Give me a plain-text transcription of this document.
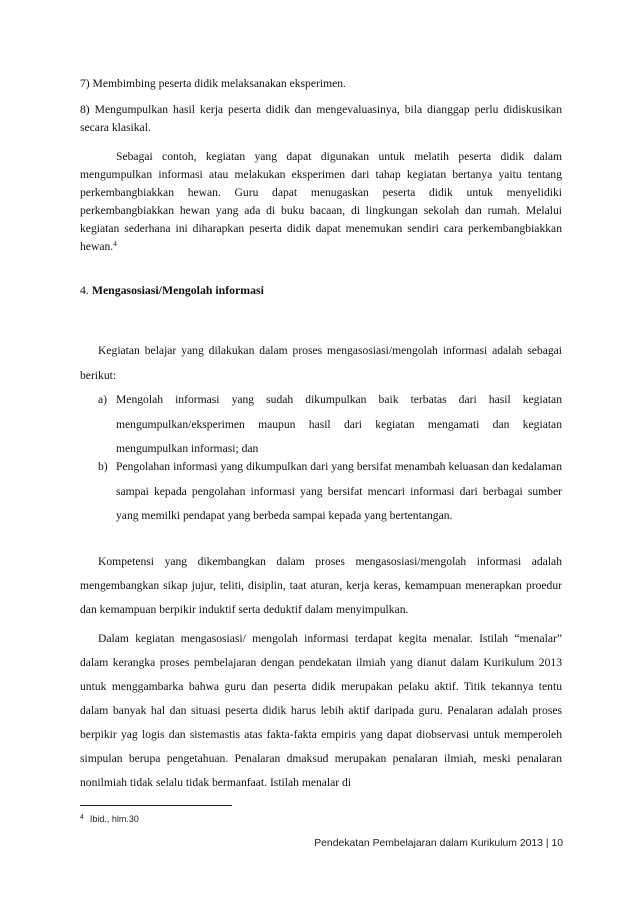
7) Membimbing peserta didik melaksanakan eksperimen.

8) Mengumpulkan hasil kerja peserta didik dan mengevaluasinya, bila dianggap perlu didiskusikan secara klasikal.

Sebagai contoh, kegiatan yang dapat digunakan untuk melatih peserta didik dalam mengumpulkan informasi atau melakukan eksperimen dari tahap kegiatan bertanya yaitu tentang perkembangbiakkan hewan. Guru dapat menugaskan peserta didik untuk menyelidiki perkembangbiakkan hewan yang ada di buku bacaan, di lingkungan sekolah dan rumah. Melalui kegiatan sederhana ini diharapkan peserta didik dapat menemukan sendiri cara perkembangbiakkan hewan.$^4$

4. Mengasosiasi/Mengolah informasi

Kegiatan belajar yang dilakukan dalam proses mengasosiasi/mengolah informasi adalah sebagai berikut:

a) Mengolah informasi yang sudah dikumpulkan baik terbatas dari hasil kegiatan mengumpulkan/eksperimen maupun hasil dari kegiatan mengamati dan kegiatan mengumpulkan informasi; dan
b) Pengolahan informasi yang dikumpulkan dari yang bersifat menambah keluasan dan kedalaman sampai kepada pengolahan informasi yang bersifat mencari informasi dari berbagai sumber yang memilki pendapat yang berbeda sampai kepada yang bertentangan.

Kompetensi yang dikembangkan dalam proses mengasosiasi/mengolah informasi adalah mengembangkan sikap jujur, teliti, disiplin, taat aturan, kerja keras, kemampuan menerapkan proedur dan kemampuan berpikir induktif serta deduktif dalam menyimpulkan.

Dalam kegiatan mengasosiasi/ mengolah informasi terdapat kegita menalar. Istilah “menalar” dalam kerangka proses pembelajaran dengan pendekatan ilmiah yang dianut dalam Kurikulum 2013 untuk menggambarka bahwa guru dan peserta didik merupakan pelaku aktif. Titik tekannya tentu dalam banyak hal dan situasi peserta didik harus lebih aktif daripada guru. Penalaran adalah proses berpikir yag logis dan sistemastis atas fakta-fakta empiris yang dapat diobservasi untuk memperoleh simpulan berupa pengetahuan. Penalaran dmaksud merupakan penalaran ilmiah, meski penalaran nonilmiah tidak selalu tidak bermanfaat. Istilah menalar di

$^4$ Ibid., hlm.30
Pendekatan Pembelajaran dalam Kurikulum 2013 | 10
